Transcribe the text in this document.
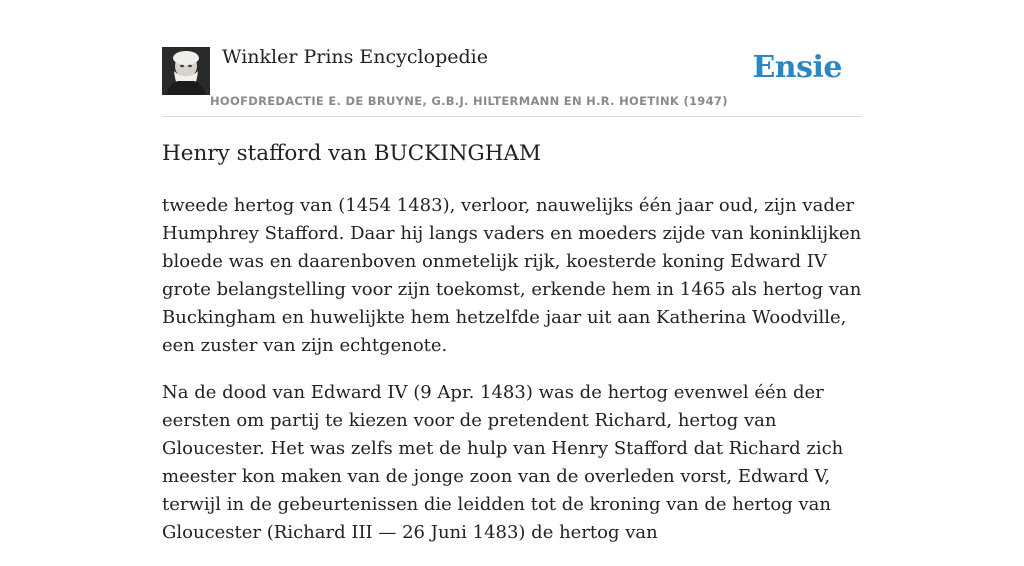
Winkler Prins Encyclopedie
HOOFDREDACTIE E. DE BRUYNE, G.B.J. HILTERMANN EN H.R. HOETINK (1947)
Ensie
Henry stafford van BUCKINGHAM

tweede hertog van (1454 1483), verloor, nauwelijks één jaar oud, zijn vader Humphrey Stafford. Daar hij langs vaders en moeders zijde van koninklijken bloede was en daarenboven onmetelijk rijk, koesterde koning Edward IV grote belangstelling voor zijn toekomst, erkende hem in 1465 als hertog van Buckingham en huwelijkte hem hetzelfde jaar uit aan Katherina Woodville, een zuster van zijn echtgenote.

Na de dood van Edward IV (9 Apr. 1483) was de hertog evenwel één der eersten om partij te kiezen voor de pretendent Richard, hertog van Gloucester. Het was zelfs met de hulp van Henry Stafford dat Richard zich meester kon maken van de jonge zoon van de overleden vorst, Edward V, terwijl in de gebeurtenissen die leidden tot de kroning van de hertog van Gloucester (Richard III — 26 Juni 1483) de hertog van
